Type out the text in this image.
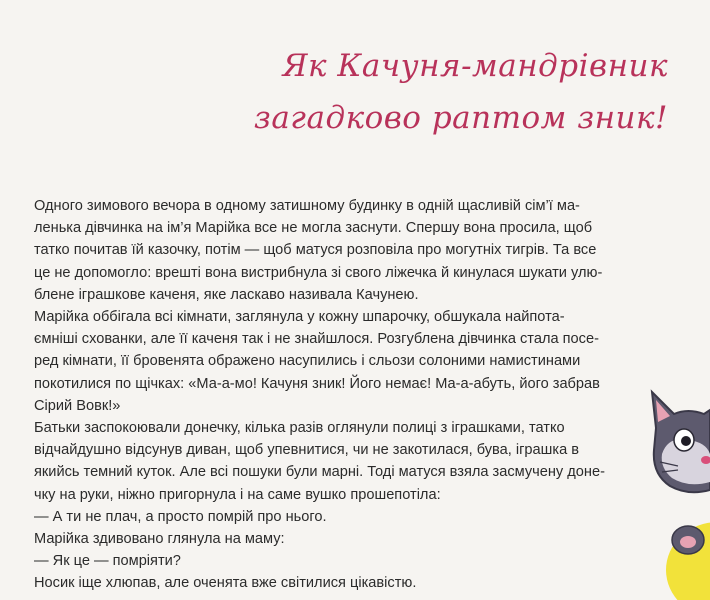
Як Качуня-мандрівник
загадково раптом зник!
Одного зимового вечора в одному затишному будинку в одній щасливій сім’ї ма-
ленька дівчинка на ім’я Марійка все не могла заснути. Спершу вона просила, щоб
татко почитав їй казочку, потім — щоб матуся розповіла про могутніх тигрів. Та все
це не допомогло: врешті вона вистрибнула зі свого ліжечка й кинулася шукати улю-
блене іграшкове каченя, яке ласкаво називала Качунею.
Марійка оббігала всі кімнати, заглянула у кожну шпарочку, обшукала найпота-
ємніші схованки, але її каченя так і не знайшлося. Розгублена дівчинка стала посе-
ред кімнати, її бровенята ображено насупились і сльози солоними намистинами
покотилися по щічках: «Ма-а-мо! Качуня зник! Його немає! Ма-а-абуть, його забрав
Сірий Вовк!»
Батьки заспокоювали донечку, кілька разів оглянули полиці з іграшками, татко
відчайдушно відсунув диван, щоб упевнитися, чи не закотилася, бува, іграшка в
якийсь темний куток. Але всі пошуки були марні. Тоді матуся взяла засмучену доне-
чку на руки, ніжно пригорнула і на саме вушко прошепотіла:
— А ти не плач, а просто помрій про нього.
Марійка здивовано глянула на маму:
— Як це — помріяти?
Носик іще хлюпав, але оченята вже світилися цікавістю.
